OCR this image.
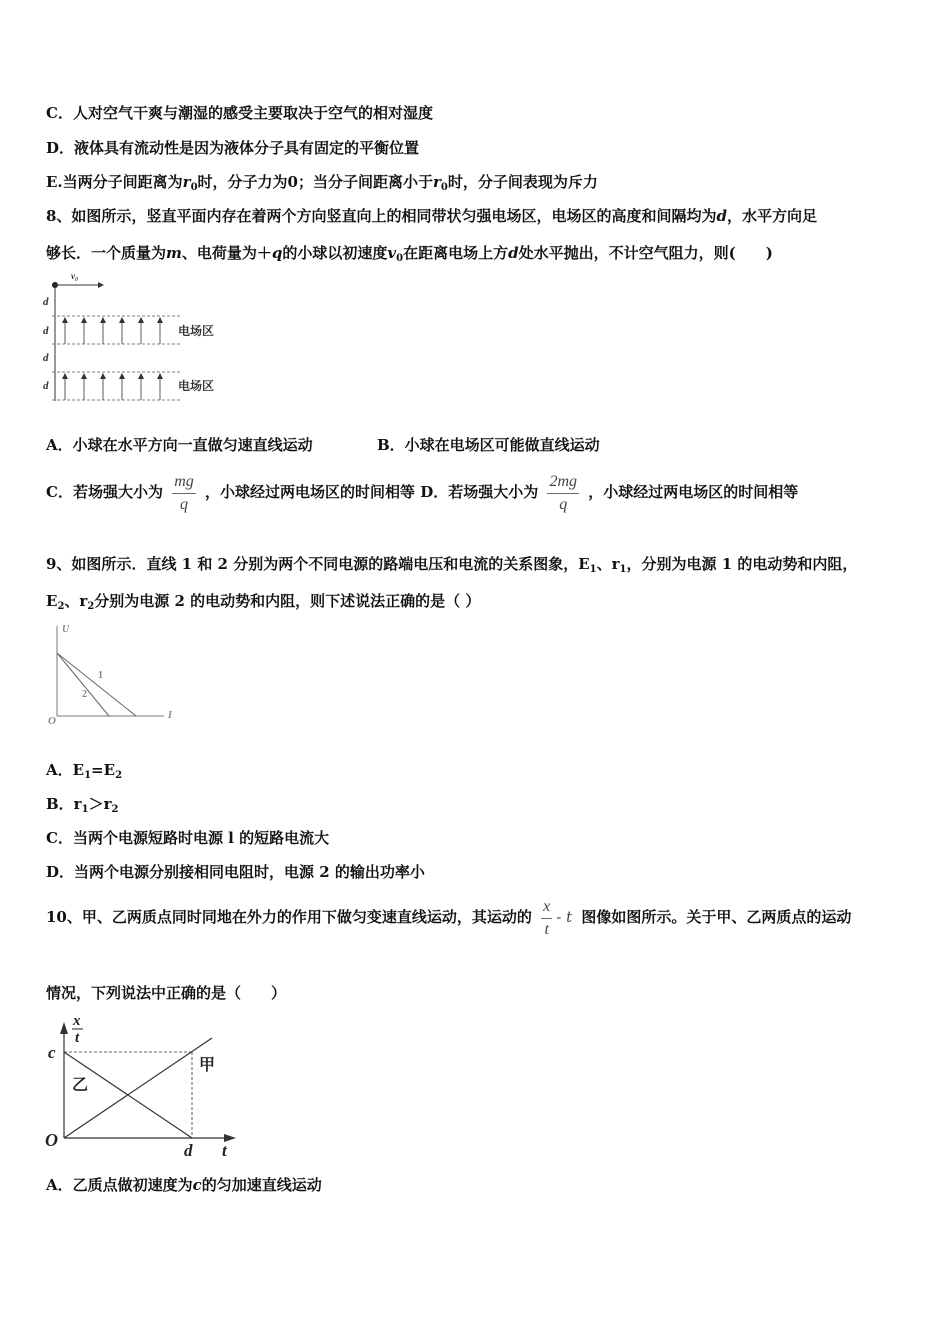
C．人对空气干爽与潮湿的感受主要取决于空气的相对湿度
D．液体具有流动性是因为液体分子具有固定的平衡位置
E.当两分子间距离为$r_0$时，分子力为0；当分子间距离小于$r_0$时，分子间表现为斥力
8、如图所示，竖直平面内存在着两个方向竖直向上的相同带状匀强电场区，电场区的高度和间隔均为d，水平方向足
够长．一个质量为m、电荷量为＋q的小球以初速度$v_0$在距离电场上方d处水平抛出，不计空气阻力，则(　　)
v₀
d
d
d
d
电场区
电场区
A．小球在水平方向一直做匀速直线运动	B．小球在电场区可能做直线运动
C．若场强大小为 $\frac{mg}{q}$ ，小球经过两电场区的时间相等 D．若场强大小为 $\frac{2mg}{q}$ ，小球经过两电场区的时间相等
9、如图所示．直线 1 和 2 分别为两个不同电源的路端电压和电流的关系图象，$E_1$、$r_1$，分别为电源 1 的电动势和内阻，
$E_2$、$r_2$分别为电源 2 的电动势和内阻，则下述说法正确的是（ ）
U
I
O
1
2
A．$E_1=E_2$
B．$r_1>r_2$
C．当两个电源短路时电源 l 的短路电流大
D．当两个电源分别接相同电阻时，电源 2 的输出功率小
10、甲、乙两质点同时同地在外力的作用下做匀变速直线运动，其运动的 $\frac{x}{t}$ - t 图像如图所示。关于甲、乙两质点的运动
情况，下列说法中正确的是（　　）
x
t
c
O
d t
甲
乙
A．乙质点做初速度为c的匀加速直线运动
